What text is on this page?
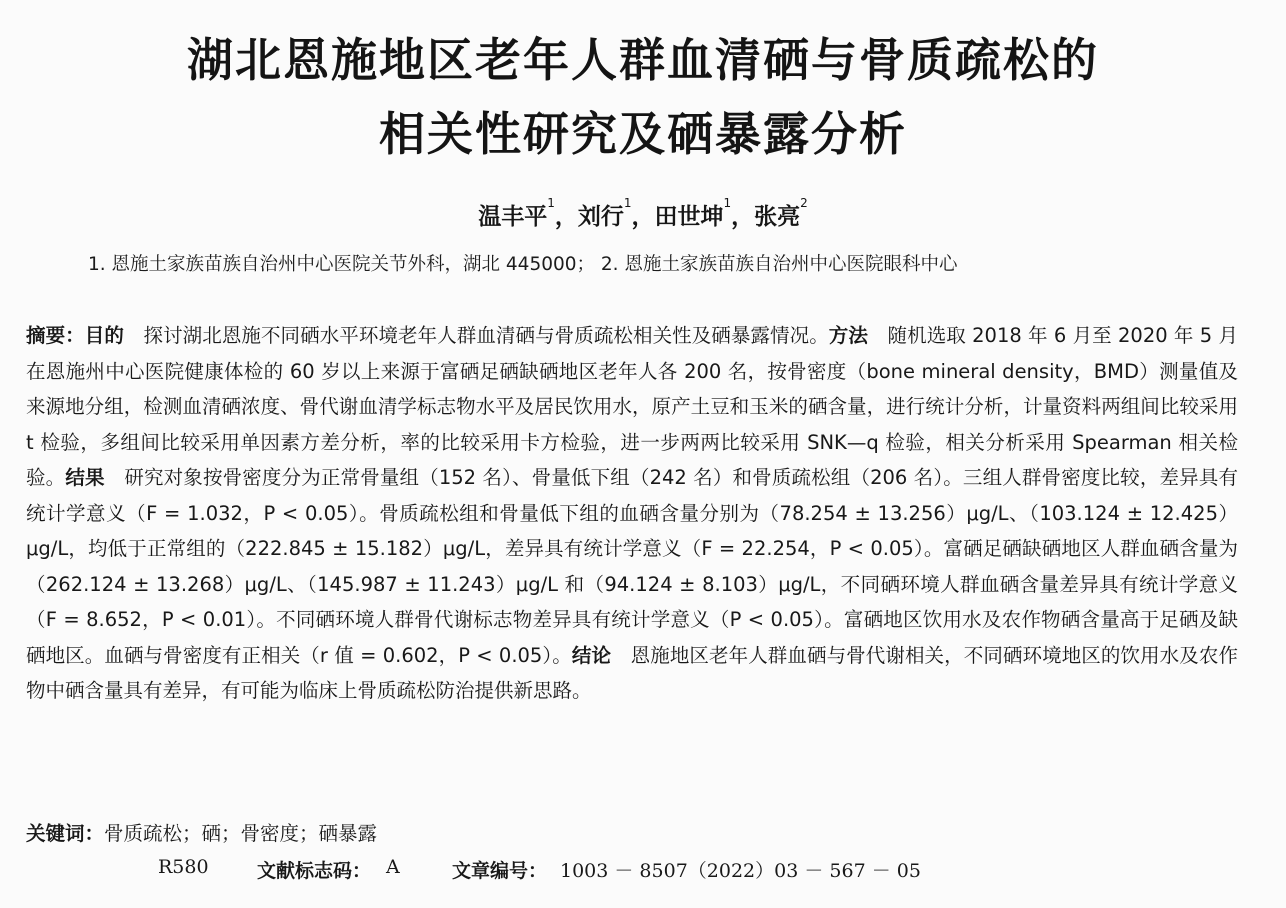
湖北恩施地区老年人群血清硒与骨质疏松的
相关性研究及硒暴露分析
温丰平$^1$，刘行$^1$，田世坤$^1$，张亮$^2$
1. 恩施土家族苗族自治州中心医院关节外科，湖北 445000； 2. 恩施土家族苗族自治州中心医院眼科中心
摘要：目的　探讨湖北恩施不同硒水平环境老年人群血清硒与骨质疏松相关性及硒暴露情况。方法　随机选取 2018 年 6 月至 2020 年 5 月在恩施州中心医院健康体检的 60 岁以上来源于富硒足硒缺硒地区老年人各 200 名，按骨密度（bone mineral density，BMD）测量值及来源地分组，检测血清硒浓度、骨代谢血清学标志物水平及居民饮用水，原产土豆和玉米的硒含量，进行统计分析，计量资料两组间比较采用 t 检验，多组间比较采用单因素方差分析，率的比较采用卡方检验，进一步两两比较采用 SNK—q 检验，相关分析采用 Spearman 相关检验。结果　研究对象按骨密度分为正常骨量组（152 名）、骨量低下组（242 名）和骨质疏松组（206 名）。三组人群骨密度比较，差异具有统计学意义（F = 1.032，P < 0.05）。骨质疏松组和骨量低下组的血硒含量分别为（78.254 ± 13.256）μg/L、（103.124 ± 12.425）μg/L，均低于正常组的（222.845 ± 15.182）μg/L，差异具有统计学意义（F = 22.254，P < 0.05）。富硒足硒缺硒地区人群血硒含量为（262.124 ± 13.268）μg/L、（145.987 ± 11.243）μg/L 和（94.124 ± 8.103）μg/L，不同硒环境人群血硒含量差异具有统计学意义（F = 8.652，P < 0.01）。不同硒环境人群骨代谢标志物差异具有统计学意义（P < 0.05）。富硒地区饮用水及农作物硒含量高于足硒及缺硒地区。血硒与骨密度有正相关（r 值 = 0.602，P < 0.05）。结论　恩施地区老年人群血硒与骨代谢相关，不同硒环境地区的饮用水及农作物中硒含量具有差异，有可能为临床上骨质疏松防治提供新思路。
关键词：骨质疏松；硒；骨密度；硒暴露
R580	文献标志码： A	文章编号： 1003 － 8507（2022）03 － 567 － 05
